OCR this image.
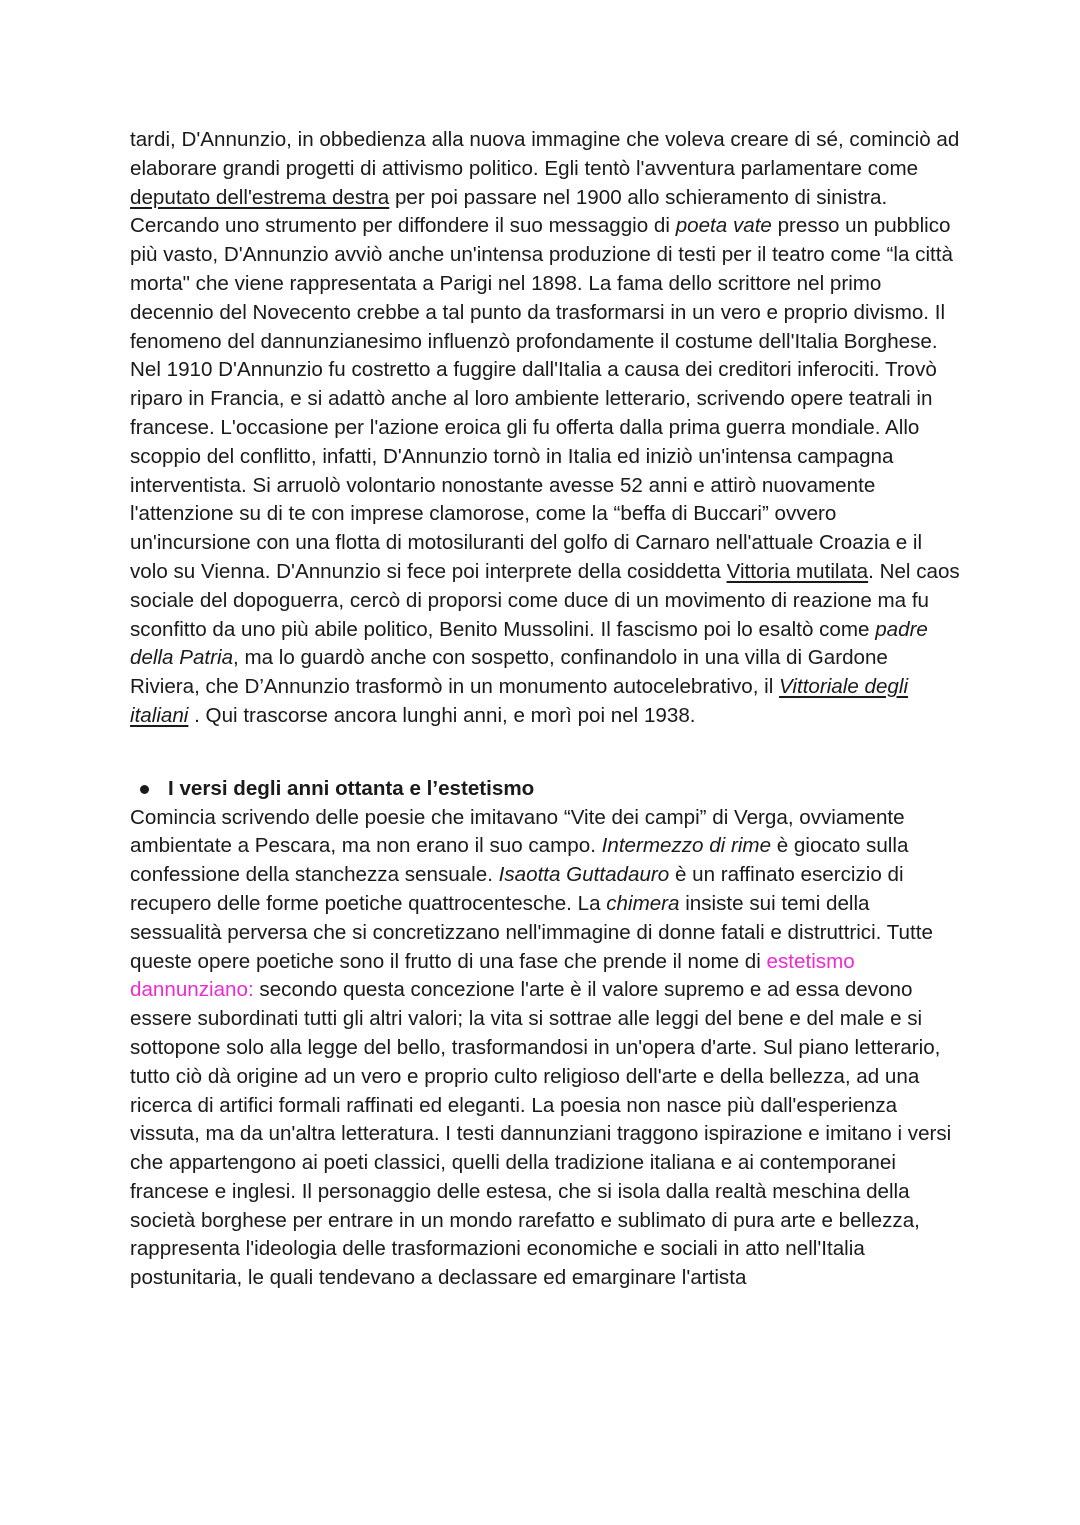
tardi, D'Annunzio, in obbedienza alla nuova immagine che voleva creare di sé, cominciò ad elaborare grandi progetti di attivismo politico. Egli tentò l'avventura parlamentare come deputato dell'estrema destra per poi passare nel 1900 allo schieramento di sinistra. Cercando uno strumento per diffondere il suo messaggio di poeta vate presso un pubblico più vasto, D'Annunzio avviò anche un'intensa produzione di testi per il teatro come “la città morta" che viene rappresentata a Parigi nel 1898. La fama dello scrittore nel primo decennio del Novecento crebbe a tal punto da trasformarsi in un vero e proprio divismo. Il fenomeno del dannunzianesimo influenzò profondamente il costume dell'Italia Borghese. Nel 1910 D'Annunzio fu costretto a fuggire dall'Italia a causa dei creditori inferociti. Trovò riparo in Francia, e si adattò anche al loro ambiente letterario, scrivendo opere teatrali in francese. L'occasione per l'azione eroica gli fu offerta dalla prima guerra mondiale. Allo scoppio del conflitto, infatti, D'Annunzio tornò in Italia ed iniziò un'intensa campagna interventista. Si arruolò volontario nonostante avesse 52 anni e attirò nuovamente l'attenzione su di te con imprese clamorose, come la “beffa di Buccari” ovvero un'incursione con una flotta di motosiluranti del golfo di Carnaro nell'attuale Croazia e il volo su Vienna. D'Annunzio si fece poi interprete della cosiddetta Vittoria mutilata. Nel caos sociale del dopoguerra, cercò di proporsi come duce di un movimento di reazione ma fu sconfitto da uno più abile politico, Benito Mussolini. Il fascismo poi lo esaltò come padre della Patria, ma lo guardò anche con sospetto, confinandolo in una villa di Gardone Riviera, che D’Annunzio trasformò in un monumento autocelebrativo, il Vittoriale degli italiani . Qui trascorse ancora lunghi anni, e morì poi nel 1938.

I versi degli anni ottanta e l’estetismo

Comincia scrivendo delle poesie che imitavano “Vite dei campi” di Verga, ovviamente ambientate a Pescara, ma non erano il suo campo. Intermezzo di rime è giocato sulla confessione della stanchezza sensuale. Isaotta Guttadauro è un raffinato esercizio di recupero delle forme poetiche quattrocentesche. La chimera insiste sui temi della sessualità perversa che si concretizzano nell'immagine di donne fatali e distruttrici. Tutte queste opere poetiche sono il frutto di una fase che prende il nome di estetismo dannunziano: secondo questa concezione l'arte è il valore supremo e ad essa devono essere subordinati tutti gli altri valori; la vita si sottrae alle leggi del bene e del male e si sottopone solo alla legge del bello, trasformandosi in un'opera d'arte. Sul piano letterario, tutto ciò dà origine ad un vero e proprio culto religioso dell'arte e della bellezza, ad una ricerca di artifici formali raffinati ed eleganti. La poesia non nasce più dall'esperienza vissuta, ma da un'altra letteratura. I testi dannunziani traggono ispirazione e imitano i versi che appartengono ai poeti classici, quelli della tradizione italiana e ai contemporanei francese e inglesi. Il personaggio delle estesa, che si isola dalla realtà meschina della società borghese per entrare in un mondo rarefatto e sublimato di pura arte e bellezza, rappresenta l'ideologia delle trasformazioni economiche e sociali in atto nell'Italia postunitaria, le quali tendevano a declassare ed emarginare l'artista
